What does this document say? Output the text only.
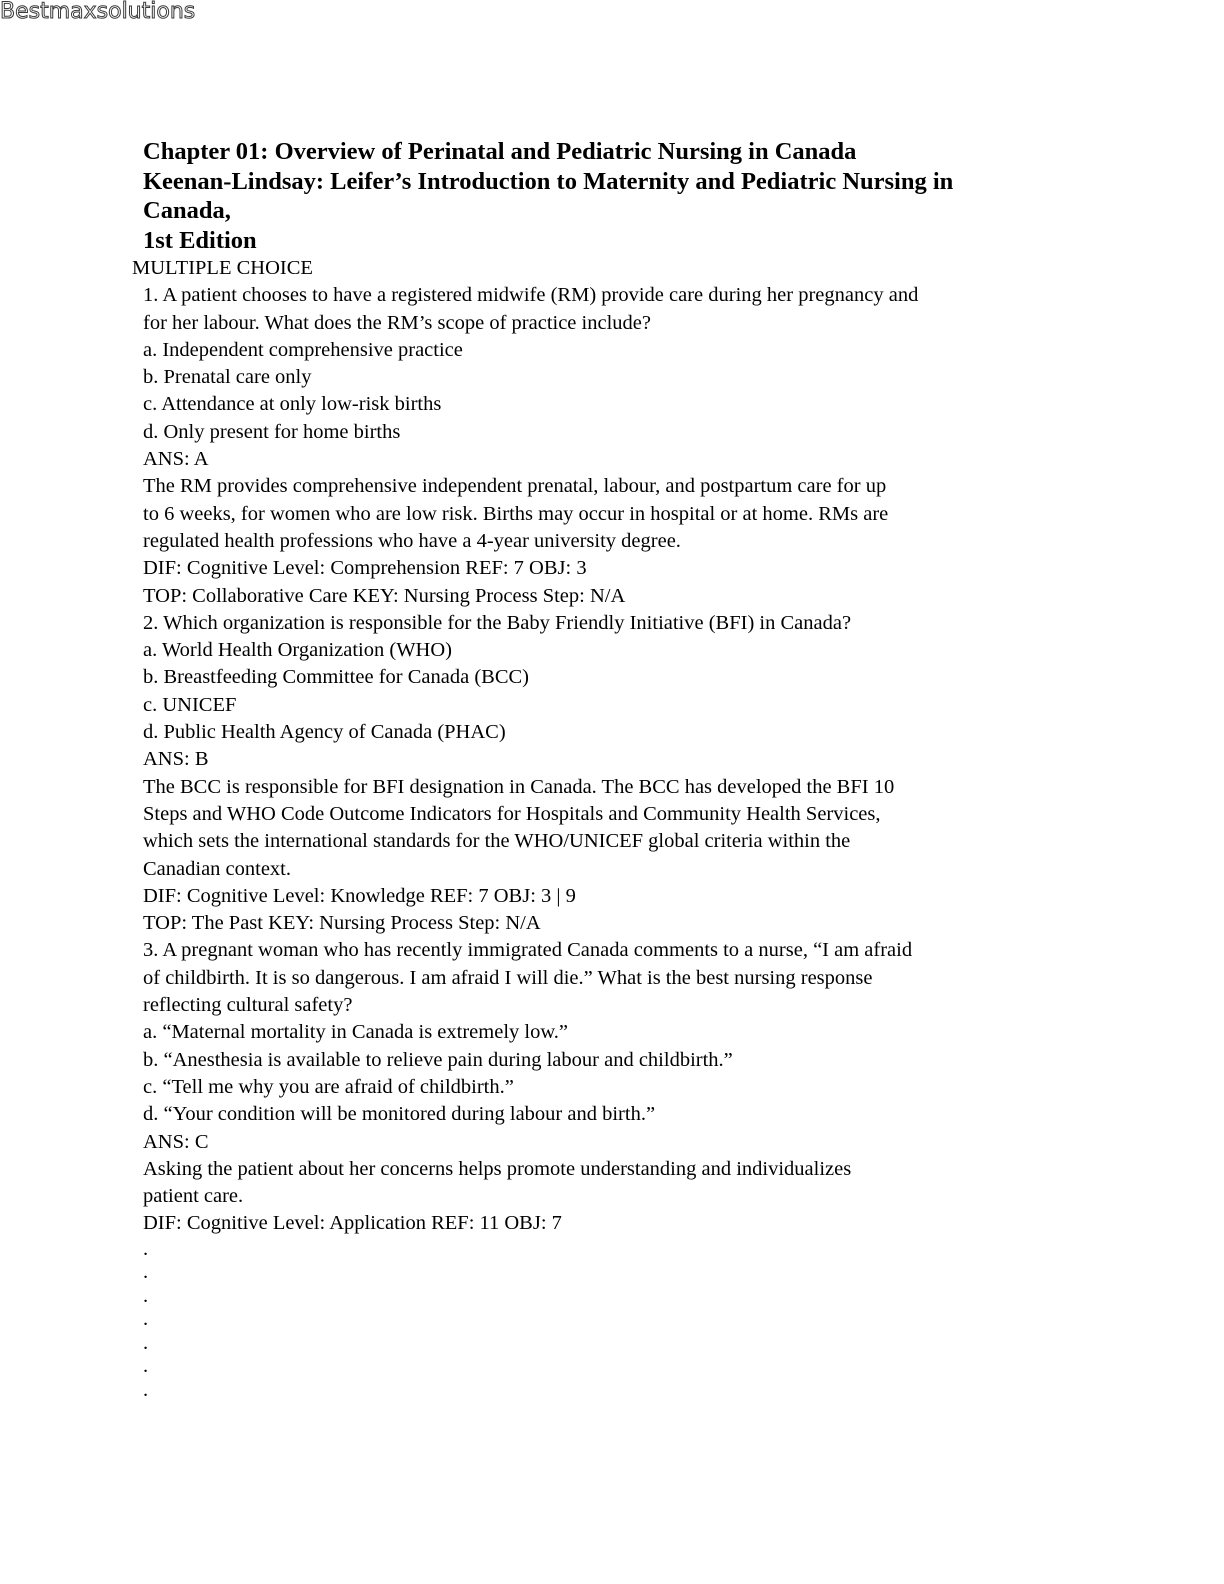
Bestmaxsolutions
Chapter 01: Overview of Perinatal and Pediatric Nursing in Canada
Keenan-Lindsay: Leifer’s Introduction to Maternity and Pediatric Nursing in
Canada,
1st Edition
MULTIPLE CHOICE
1. A patient chooses to have a registered midwife (RM) provide care during her pregnancy and
for her labour. What does the RM’s scope of practice include?
a. Independent comprehensive practice
b. Prenatal care only
c. Attendance at only low-risk births
d. Only present for home births
ANS: A
The RM provides comprehensive independent prenatal, labour, and postpartum care for up
to 6 weeks, for women who are low risk. Births may occur in hospital or at home. RMs are
regulated health professions who have a 4-year university degree.
DIF: Cognitive Level: Comprehension REF: 7 OBJ: 3
TOP: Collaborative Care KEY: Nursing Process Step: N/A
2. Which organization is responsible for the Baby Friendly Initiative (BFI) in Canada?
a. World Health Organization (WHO)
b. Breastfeeding Committee for Canada (BCC)
c. UNICEF
d. Public Health Agency of Canada (PHAC)
ANS: B
The BCC is responsible for BFI designation in Canada. The BCC has developed the BFI 10
Steps and WHO Code Outcome Indicators for Hospitals and Community Health Services,
which sets the international standards for the WHO/UNICEF global criteria within the
Canadian context.
DIF: Cognitive Level: Knowledge REF: 7 OBJ: 3 | 9
TOP: The Past KEY: Nursing Process Step: N/A
3. A pregnant woman who has recently immigrated Canada comments to a nurse, “I am afraid
of childbirth. It is so dangerous. I am afraid I will die.” What is the best nursing response
reflecting cultural safety?
a. “Maternal mortality in Canada is extremely low.”
b. “Anesthesia is available to relieve pain during labour and childbirth.”
c. “Tell me why you are afraid of childbirth.”
d. “Your condition will be monitored during labour and birth.”
ANS: C
Asking the patient about her concerns helps promote understanding and individualizes
patient care.
DIF: Cognitive Level: Application REF: 11 OBJ: 7
.
.
.
.
.
.
.
